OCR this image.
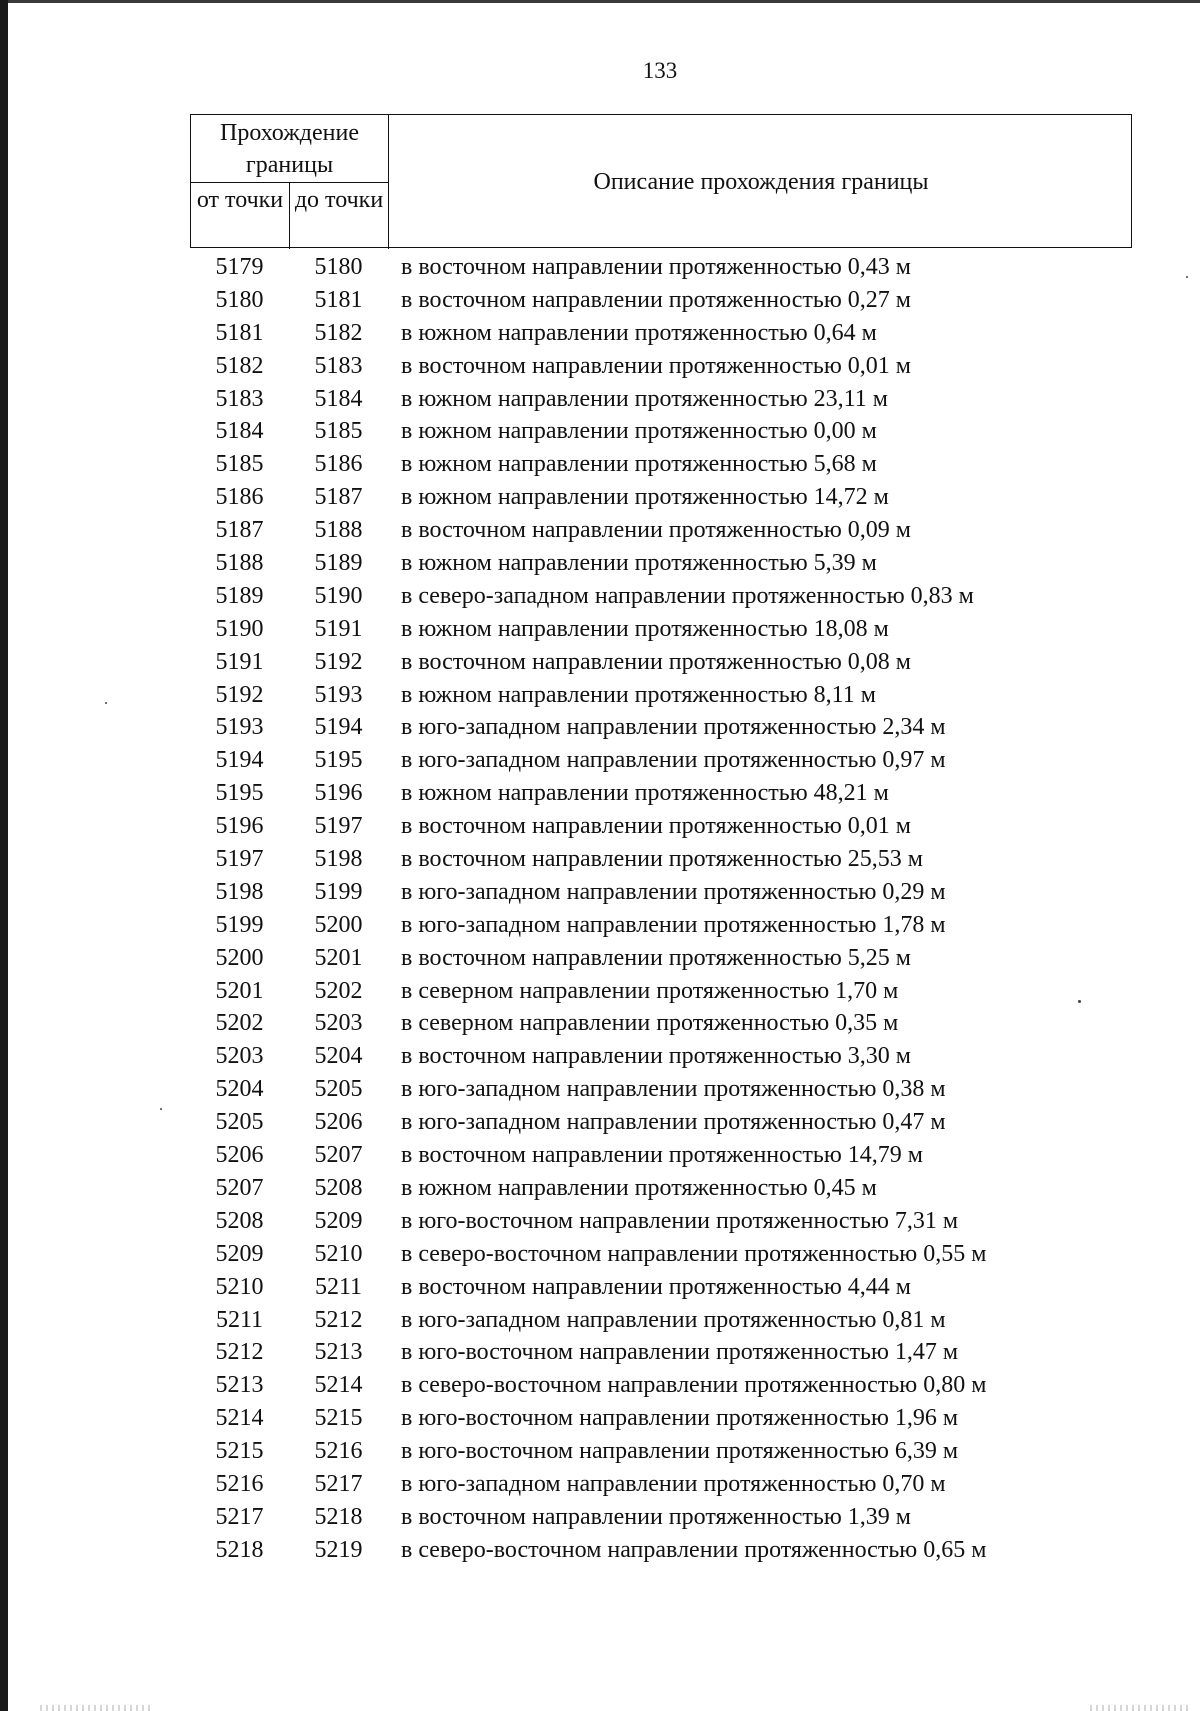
133
Прохождение границы
от точки до точки
Описание прохождения границы
5179	5180	в восточном направлении протяженностью 0,43 м
5180	5181	в восточном направлении протяженностью 0,27 м
5181	5182	в южном направлении протяженностью 0,64 м
5182	5183	в восточном направлении протяженностью 0,01 м
5183	5184	в южном направлении протяженностью 23,11 м
5184	5185	в южном направлении протяженностью 0,00 м
5185	5186	в южном направлении протяженностью 5,68 м
5186	5187	в южном направлении протяженностью 14,72 м
5187	5188	в восточном направлении протяженностью 0,09 м
5188	5189	в южном направлении протяженностью 5,39 м
5189	5190	в северо-западном направлении протяженностью 0,83 м
5190	5191	в южном направлении протяженностью 18,08 м
5191	5192	в восточном направлении протяженностью 0,08 м
5192	5193	в южном направлении протяженностью 8,11 м
5193	5194	в юго-западном направлении протяженностью 2,34 м
5194	5195	в юго-западном направлении протяженностью 0,97 м
5195	5196	в южном направлении протяженностью 48,21 м
5196	5197	в восточном направлении протяженностью 0,01 м
5197	5198	в восточном направлении протяженностью 25,53 м
5198	5199	в юго-западном направлении протяженностью 0,29 м
5199	5200	в юго-западном направлении протяженностью 1,78 м
5200	5201	в восточном направлении протяженностью 5,25 м
5201	5202	в северном направлении протяженностью 1,70 м
5202	5203	в северном направлении протяженностью 0,35 м
5203	5204	в восточном направлении протяженностью 3,30 м
5204	5205	в юго-западном направлении протяженностью 0,38 м
5205	5206	в юго-западном направлении протяженностью 0,47 м
5206	5207	в восточном направлении протяженностью 14,79 м
5207	5208	в южном направлении протяженностью 0,45 м
5208	5209	в юго-восточном направлении протяженностью 7,31 м
5209	5210	в северо-восточном направлении протяженностью 0,55 м
5210	5211	в восточном направлении протяженностью 4,44 м
5211	5212	в юго-западном направлении протяженностью 0,81 м
5212	5213	в юго-восточном направлении протяженностью 1,47 м
5213	5214	в северо-восточном направлении протяженностью 0,80 м
5214	5215	в юго-восточном направлении протяженностью 1,96 м
5215	5216	в юго-восточном направлении протяженностью 6,39 м
5216	5217	в юго-западном направлении протяженностью 0,70 м
5217	5218	в восточном направлении протяженностью 1,39 м
5218	5219	в северо-восточном направлении протяженностью 0,65 м
